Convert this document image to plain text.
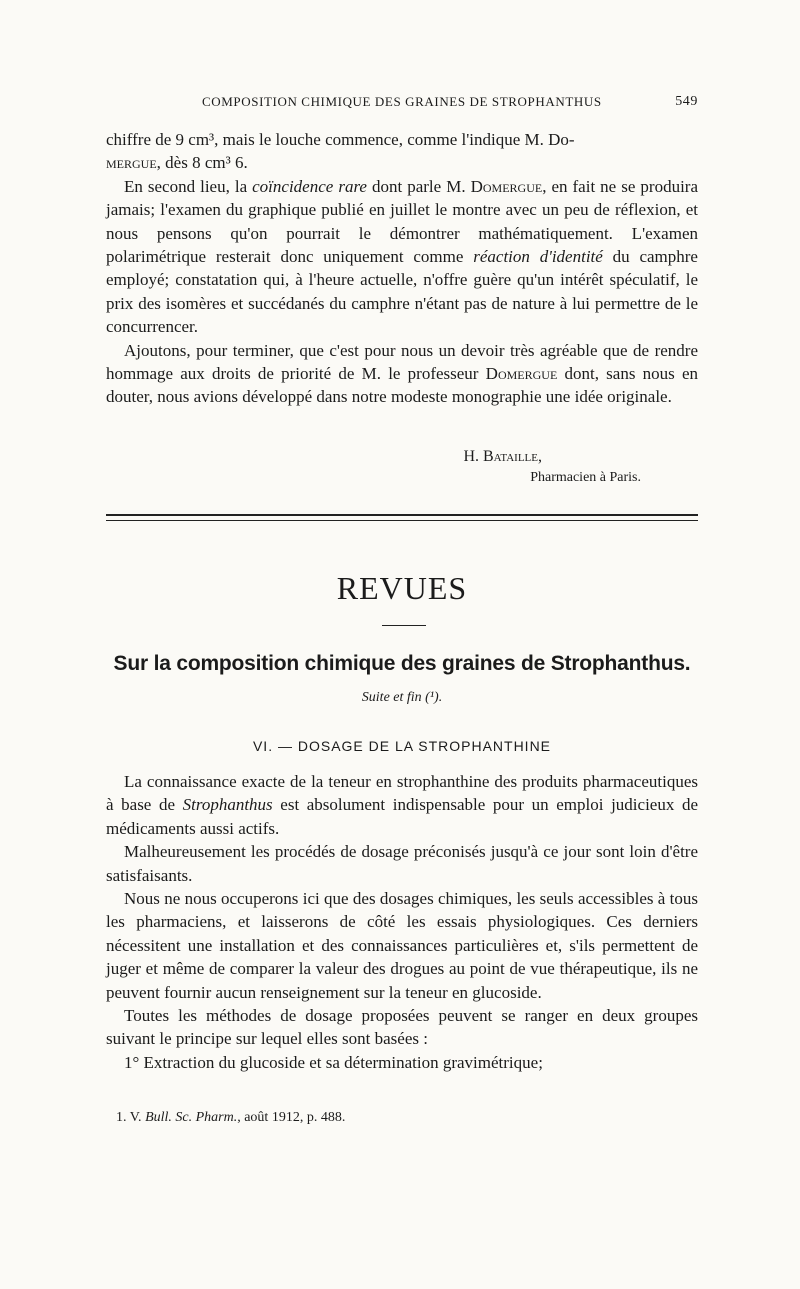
COMPOSITION CHIMIQUE DES GRAINES DE STROPHANTHUS	549

chiffre de 9 cm³, mais le louche commence, comme l'indique M. Do-
mergue, dès 8 cm³ 6.

En second lieu, la coïncidence rare dont parle M. Domergue, en fait ne se produira jamais; l'examen du graphique publié en juillet le montre avec un peu de réflexion, et nous pensons qu'on pourrait le démontrer mathématiquement. L'examen polarimétrique resterait donc uniquement comme réaction d'identité du camphre employé; constatation qui, à l'heure actuelle, n'offre guère qu'un intérêt spéculatif, le prix des isomères et succédanés du camphre n'étant pas de nature à lui permettre de le concurrencer.

Ajoutons, pour terminer, que c'est pour nous un devoir très agréable que de rendre hommage aux droits de priorité de M. le professeur Domergue dont, sans nous en douter, nous avions développé dans notre modeste monographie une idée originale.

H. Bataille,
Pharmacien à Paris.
REVUES
Sur la composition chimique des graines de Strophanthus.
Suite et fin (¹).
VI. — DOSAGE DE LA STROPHANTHINE

La connaissance exacte de la teneur en strophanthine des produits pharmaceutiques à base de Strophanthus est absolument indispensable pour un emploi judicieux de médicaments aussi actifs.

Malheureusement les procédés de dosage préconisés jusqu'à ce jour sont loin d'être satisfaisants.

Nous ne nous occuperons ici que des dosages chimiques, les seuls accessibles à tous les pharmaciens, et laisserons de côté les essais physiologiques. Ces derniers nécessitent une installation et des connaissances particulières et, s'ils permettent de juger et même de comparer la valeur des drogues au point de vue thérapeutique, ils ne peuvent fournir aucun renseignement sur la teneur en glucoside.

Toutes les méthodes de dosage proposées peuvent se ranger en deux groupes suivant le principe sur lequel elles sont basées :

1° Extraction du glucoside et sa détermination gravimétrique;

1. V. Bull. Sc. Pharm., août 1912, p. 488.
